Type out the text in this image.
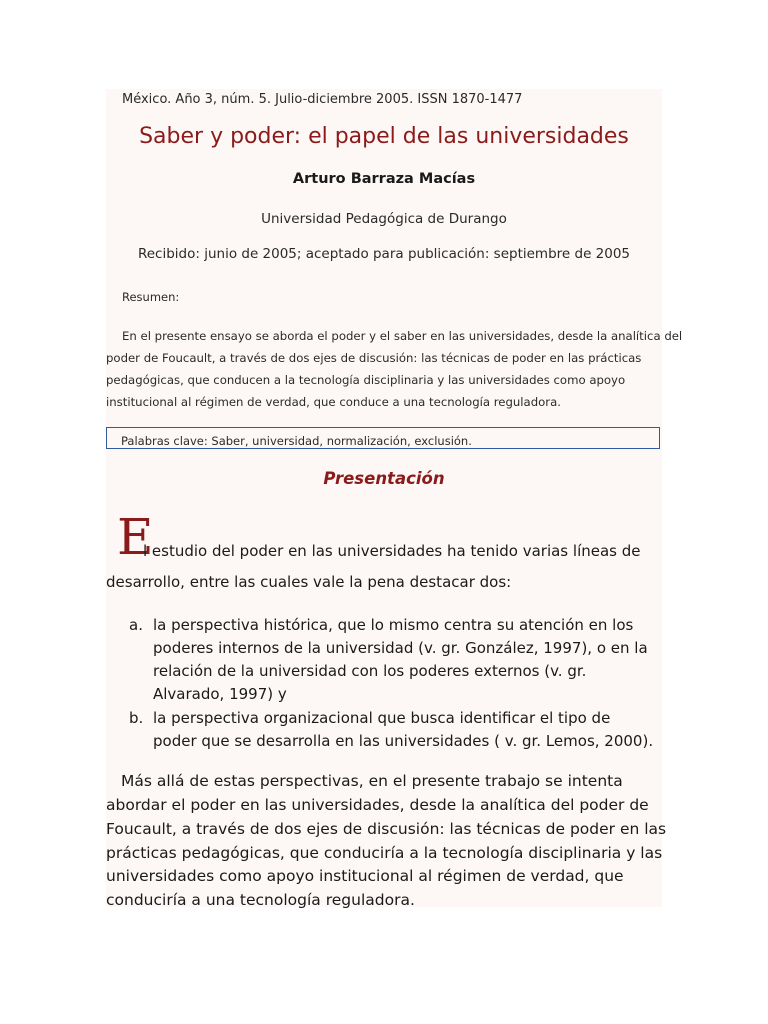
México. Año 3, núm. 5. Julio-diciembre 2005. ISSN 1870-1477
Saber y poder: el papel de las universidades
Arturo Barraza Macías
Universidad Pedagógica de Durango
Recibido: junio de 2005; aceptado para publicación: septiembre de 2005
Resumen:
En el presente ensayo se aborda el poder y el saber en las universidades, desde la analítica del
poder de Foucault, a través de dos ejes de discusión: las técnicas de poder en las prácticas
pedagógicas, que conducen a la tecnología disciplinaria y las universidades como apoyo
institucional al régimen de verdad, que conduce a una tecnología reguladora.
Palabras clave: Saber, universidad, normalización, exclusión.
Presentación
E
l estudio del poder en las universidades ha tenido varias líneas de
desarrollo, entre las cuales vale la pena destacar dos:
a. la perspectiva histórica, que lo mismo centra su atención en los
poderes internos de la universidad (v. gr. González, 1997), o en la
relación de la universidad con los poderes externos (v. gr.
Alvarado, 1997) y
b. la perspectiva organizacional que busca identificar el tipo de
poder que se desarrolla en las universidades ( v. gr. Lemos, 2000).
Más allá de estas perspectivas, en el presente trabajo se intenta
abordar el poder en las universidades, desde la analítica del poder de
Foucault, a través de dos ejes de discusión: las técnicas de poder en las
prácticas pedagógicas, que conduciría a la tecnología disciplinaria y las
universidades como apoyo institucional al régimen de verdad, que
conduciría a una tecnología reguladora.
